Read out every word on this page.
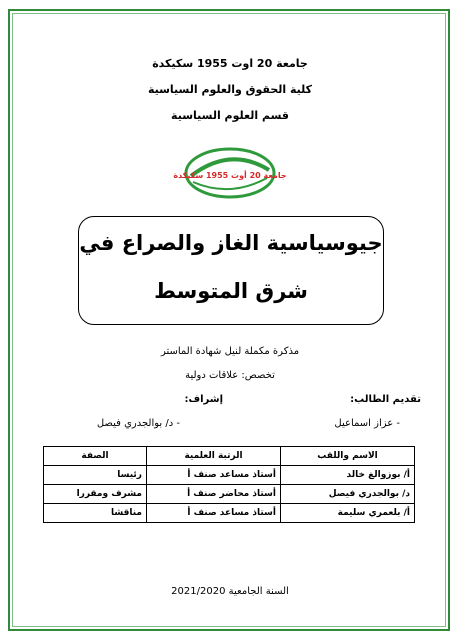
جامعة 20 اوت 1955 سكيكدة
كلية الحقوق والعلوم السياسية
قسم العلوم السياسية
جامعة 20 أوت 1955 سكيكدة
جيوسياسية الغاز والصراع في
شرق المتوسط
مذكرة مكملة لنيل شهادة الماستر
تخصص: علاقات دولية
تقديم الطالب:
- عزاز اسماعيل
إشراف:
- د/ بوالجدري فيصل
الاسم واللقب	الرتبة العلمية	الصفة
أ/ بوزوالغ خالد	أستاذ مساعد صنف أ	رئيسا
د/ بوالجدري فيصل	أستاذ محاضر صنف أ	مشرف ومقررا
أ/ بلعمري سليمة	أستاذ مساعد صنف أ	مناقشا
السنة الجامعية 2021/2020
